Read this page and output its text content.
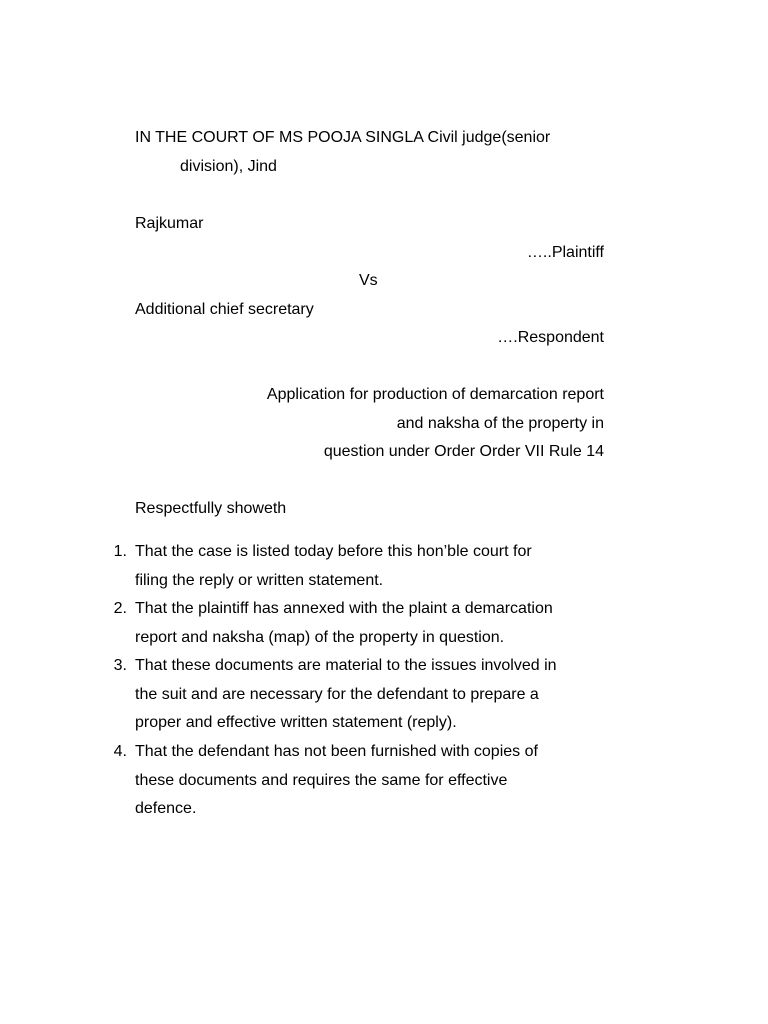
IN THE COURT OF MS POOJA SINGLA Civil judge(senior
division), Jind
Rajkumar
…..Plaintiff
Vs
Additional chief secretary
….Respondent
Application for production of demarcation report
and naksha of the property in
question under Order Order VII Rule 14
Respectfully showeth
1. That the case is listed today before this hon’ble court for
filing the reply or written statement.
2. That the plaintiff has annexed with the plaint a demarcation
report and naksha (map) of the property in question.
3. That these documents are material to the issues involved in
the suit and are necessary for the defendant to prepare a
proper and effective written statement (reply).
4. That the defendant has not been furnished with copies of
these documents and requires the same for effective
defence.
